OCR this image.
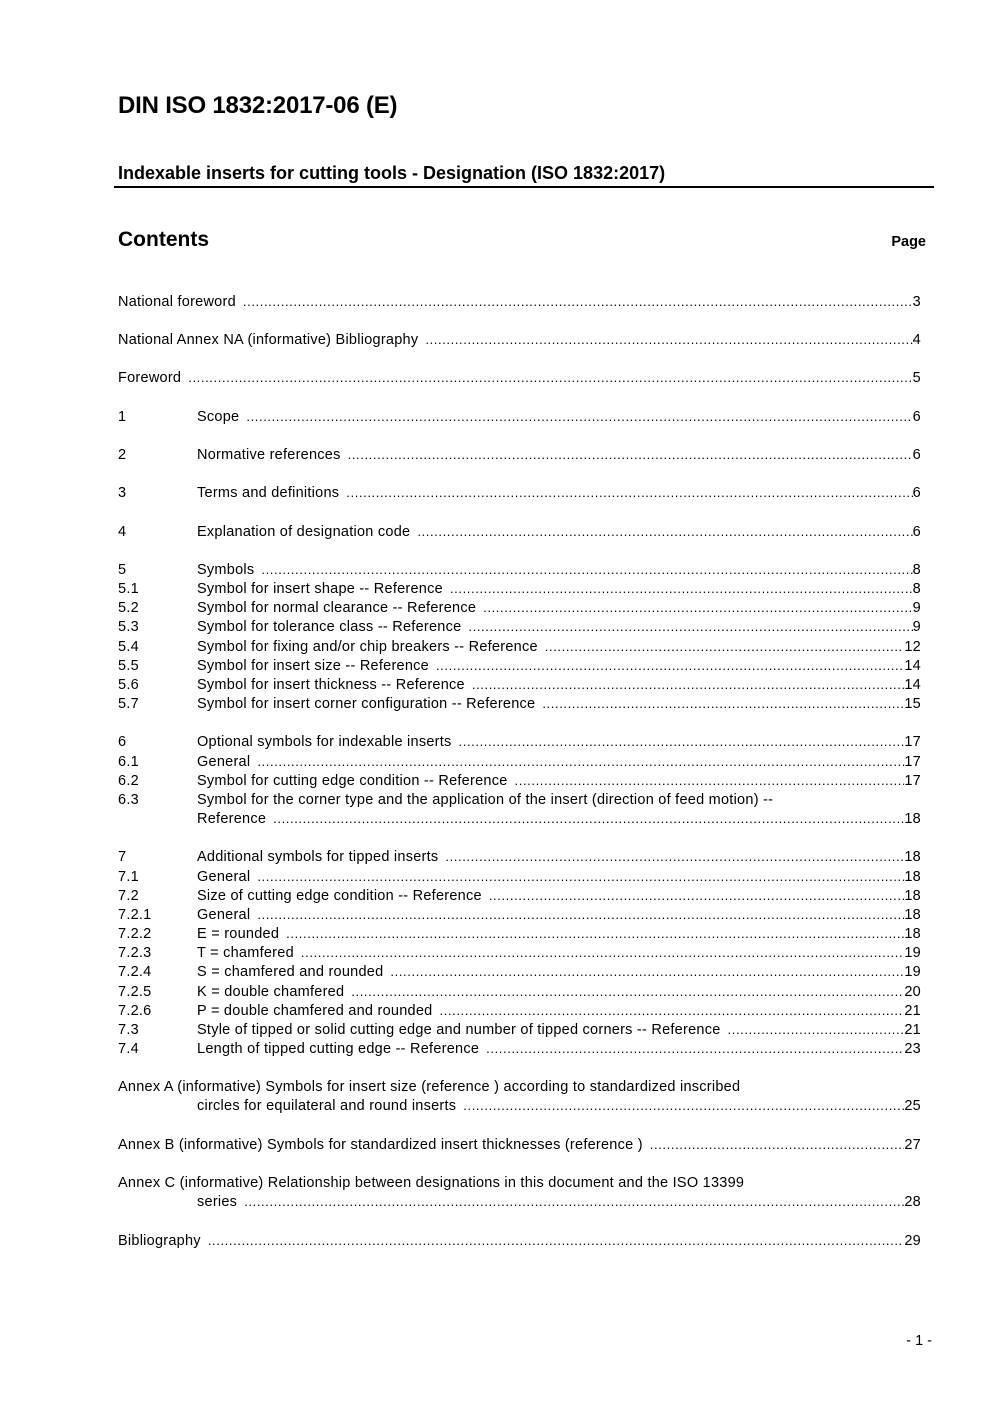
DIN ISO 1832:2017-06 (E)
Indexable inserts for cutting tools - Designation (ISO 1832:2017)
Contents	Page
National foreword .....	3
National Annex NA (informative) Bibliography .....	4
Foreword .....	5
1	Scope .....	6
2	Normative references .....	6
3	Terms and definitions .....	6
4	Explanation of designation code .....	6
5	Symbols .....	8
5.1	Symbol for insert shape -- Reference .....	8
5.2	Symbol for normal clearance -- Reference .....	9
5.3	Symbol for tolerance class -- Reference .....	9
5.4	Symbol for fixing and/or chip breakers -- Reference .....	12
5.5	Symbol for insert size -- Reference .....	14
5.6	Symbol for insert thickness -- Reference .....	14
5.7	Symbol for insert corner configuration -- Reference .....	15
6	Optional symbols for indexable inserts .....	17
6.1	General .....	17
6.2	Symbol for cutting edge condition -- Reference .....	17
6.3	Symbol for the corner type and the application of the insert (direction of feed motion) --
Reference .....	18
7	Additional symbols for tipped inserts .....	18
7.1	General .....	18
7.2	Size of cutting edge condition -- Reference .....	18
7.2.1	General .....	18
7.2.2	E = rounded .....	18
7.2.3	T = chamfered .....	19
7.2.4	S = chamfered and rounded .....	19
7.2.5	K = double chamfered .....	20
7.2.6	P = double chamfered and rounded .....	21
7.3	Style of tipped or solid cutting edge and number of tipped corners -- Reference .....	21
7.4	Length of tipped cutting edge -- Reference .....	23
Annex A (informative) Symbols for insert size (reference ) according to standardized inscribed
circles for equilateral and round inserts .....	25
Annex B (informative) Symbols for standardized insert thicknesses (reference ) .....	27
Annex C (informative) Relationship between designations in this document and the ISO 13399
series .....	28
Bibliography .....	29
- 1 -
